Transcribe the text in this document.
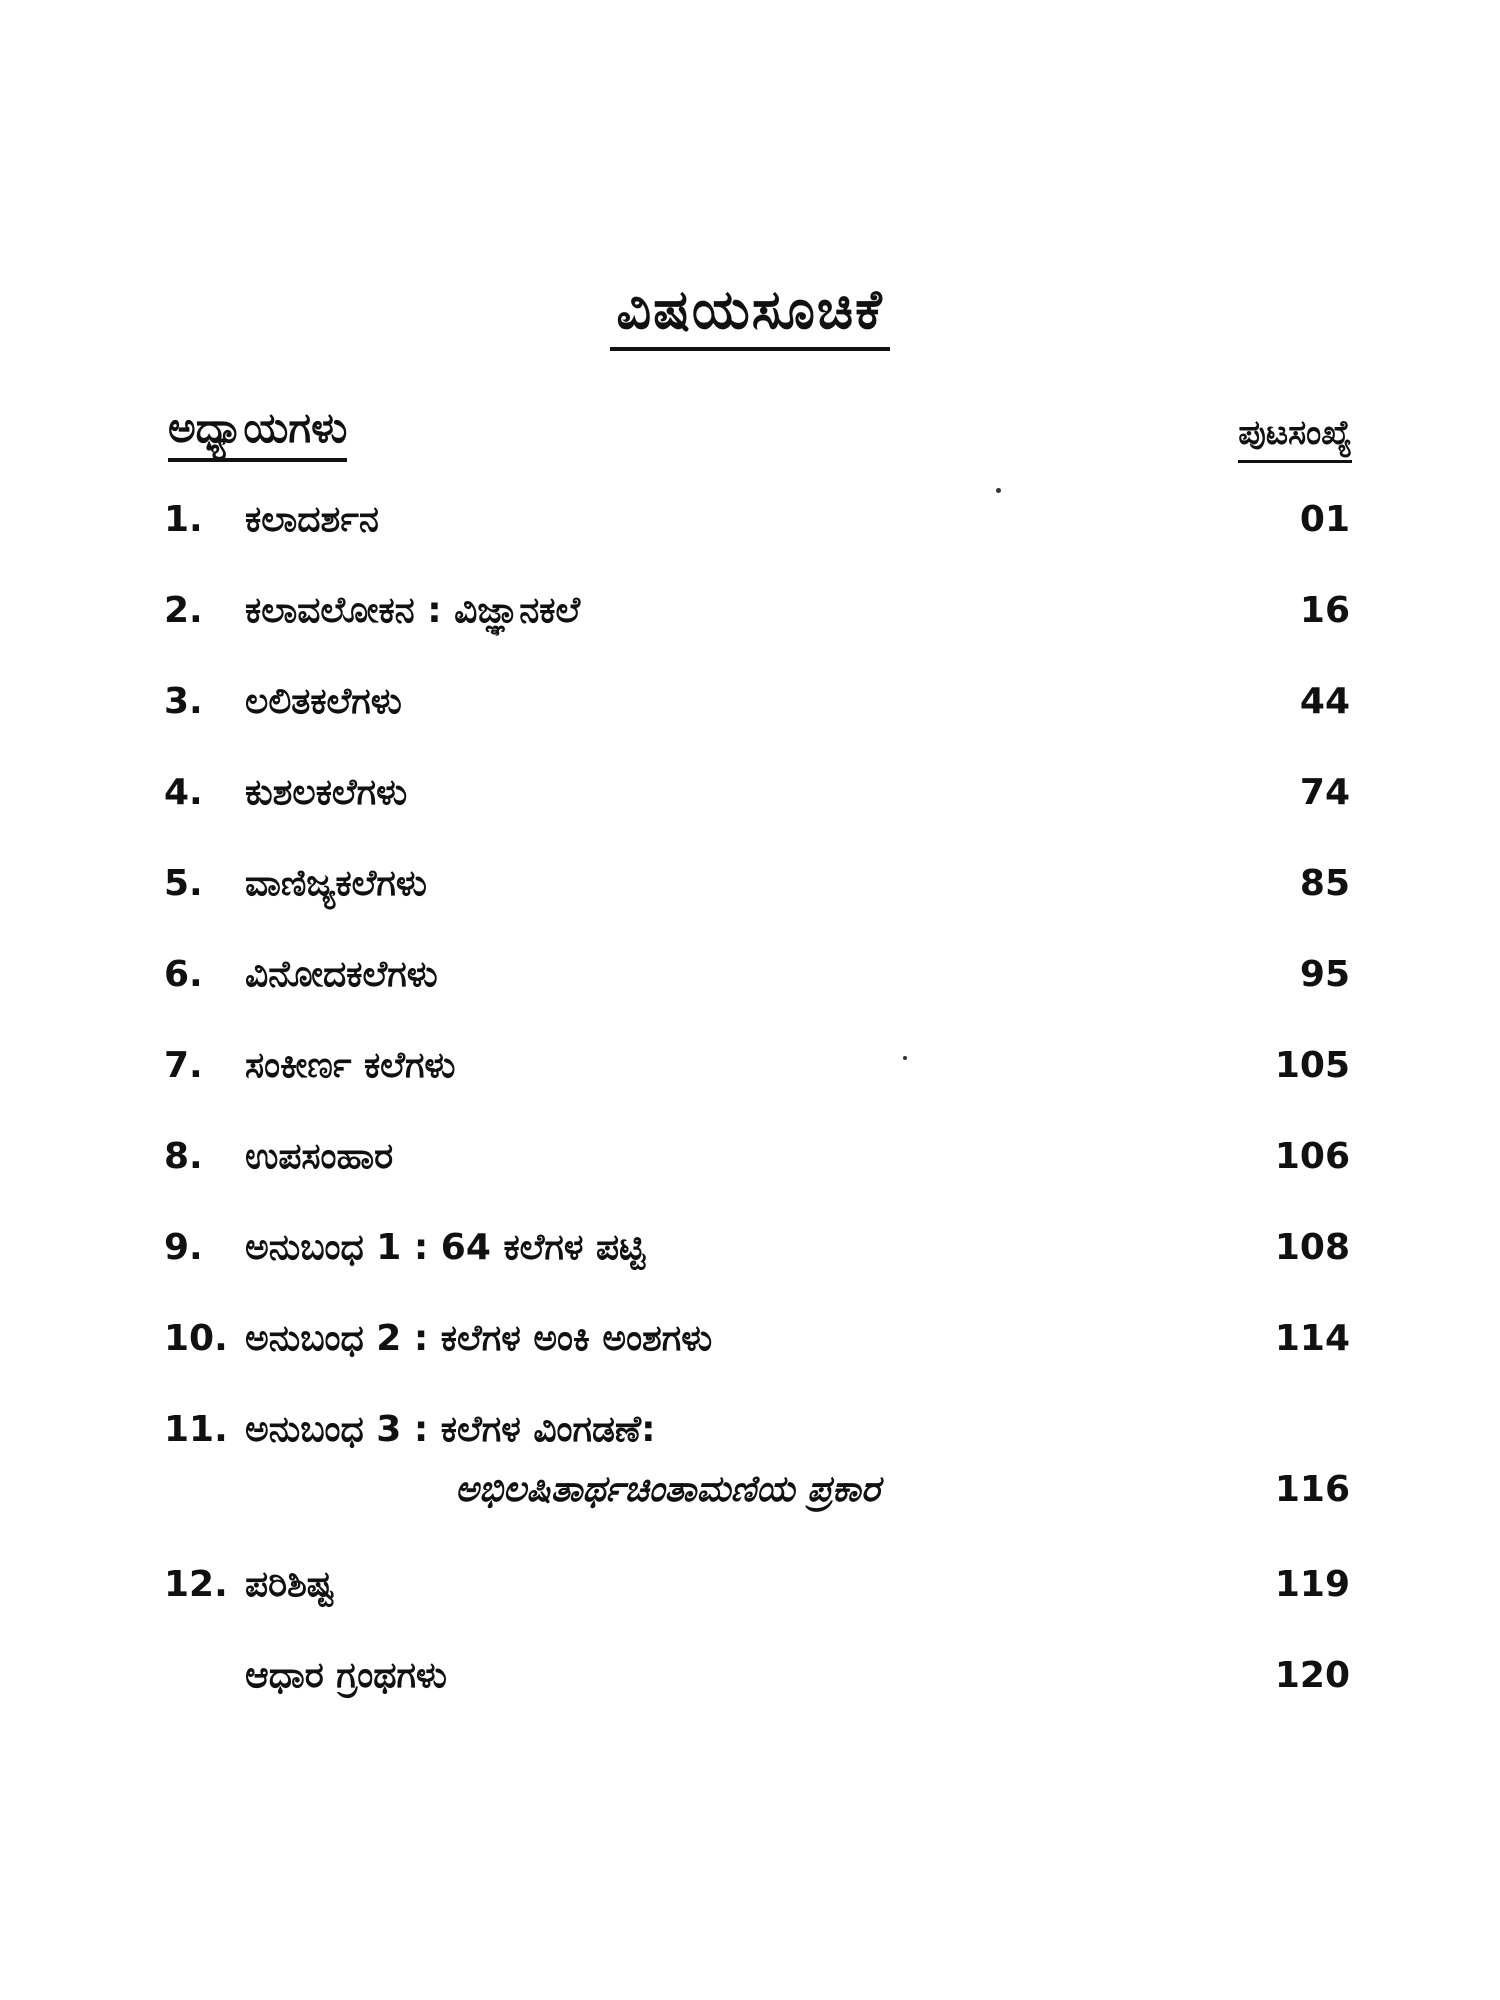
ವಿಷಯಸೂಚಿಕೆ
ಅಧ್ಯಾಯಗಳು	ಪುಟಸಂಖ್ಯೆ
1. ಕಲಾದರ್ಶನ	01
2. ಕಲಾವಲೋಕನ : ವಿಜ್ಞಾನಕಲೆ	16
3. ಲಲಿತಕಲೆಗಳು	44
4. ಕುಶಲಕಲೆಗಳು	74
5. ವಾಣಿಜ್ಯಕಲೆಗಳು	85
6. ವಿನೋದಕಲೆಗಳು	95
7. ಸಂಕೀರ್ಣ ಕಲೆಗಳು	105
8. ಉಪಸಂಹಾರ	106
9. ಅನುಬಂಧ 1 : 64 ಕಲೆಗಳ ಪಟ್ಟಿ	108
10. ಅನುಬಂಧ 2 : ಕಲೆಗಳ ಅಂಕಿ ಅಂಶಗಳು	114
11. ಅನುಬಂಧ 3 : ಕಲೆಗಳ ವಿಂಗಡಣೆ:
ಅಭಿಲಷಿತಾರ್ಥಚಿಂತಾಮಣಿಯ ಪ್ರಕಾರ	116
12. ಪರಿಶಿಷ್ಟ	119
ಆಧಾರ ಗ್ರಂಥಗಳು	120
